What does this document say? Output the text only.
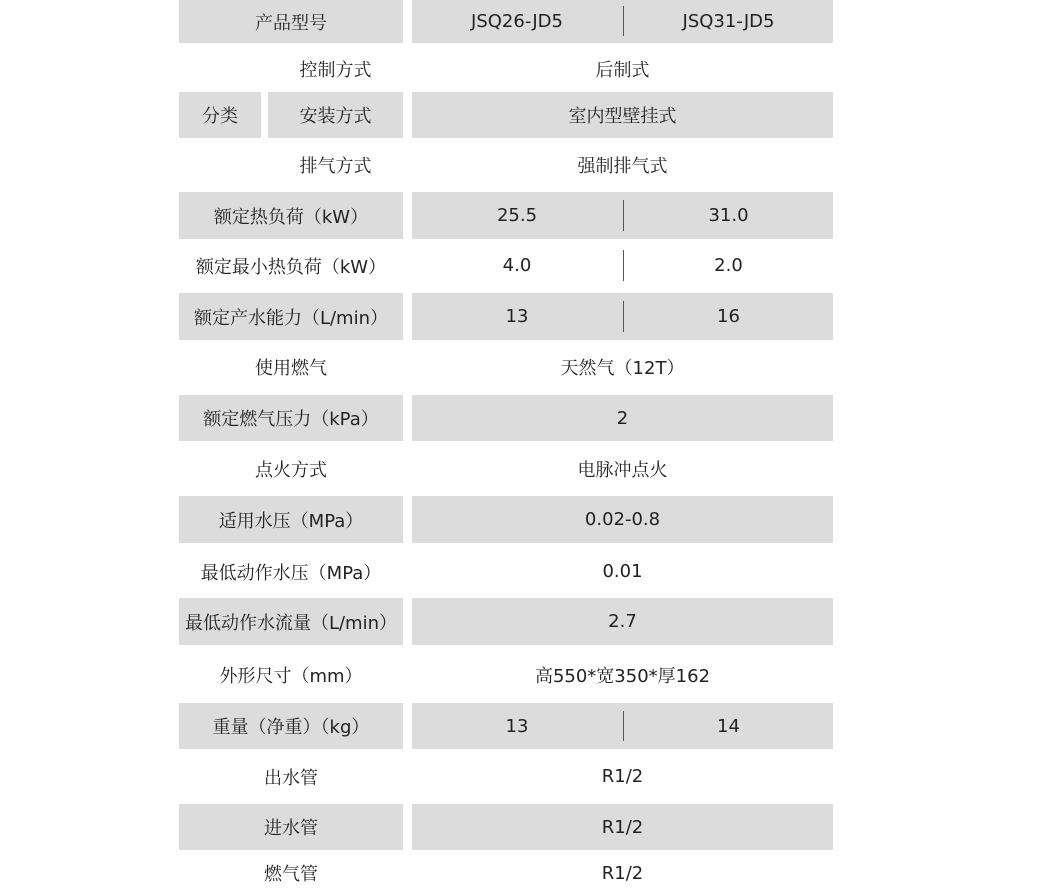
产品型号	JSQ26-JD5	JSQ31-JD5
控制方式	后制式
分类	安装方式	室内型壁挂式
排气方式	强制排气式
额定热负荷（kW）	25.5	31.0
额定最小热负荷（kW）	4.0	2.0
额定产水能力（L/min）	13	16
使用燃气	天然气（12T）
额定燃气压力（kPa）	2
点火方式	电脉冲点火
适用水压（MPa）	0.02-0.8
最低动作水压（MPa）	0.01
最低动作水流量（L/min）	2.7
外形尺寸（mm）	高550*宽350*厚162
重量（净重）（kg）	13	14
出水管	R1/2
进水管	R1/2
燃气管	R1/2
